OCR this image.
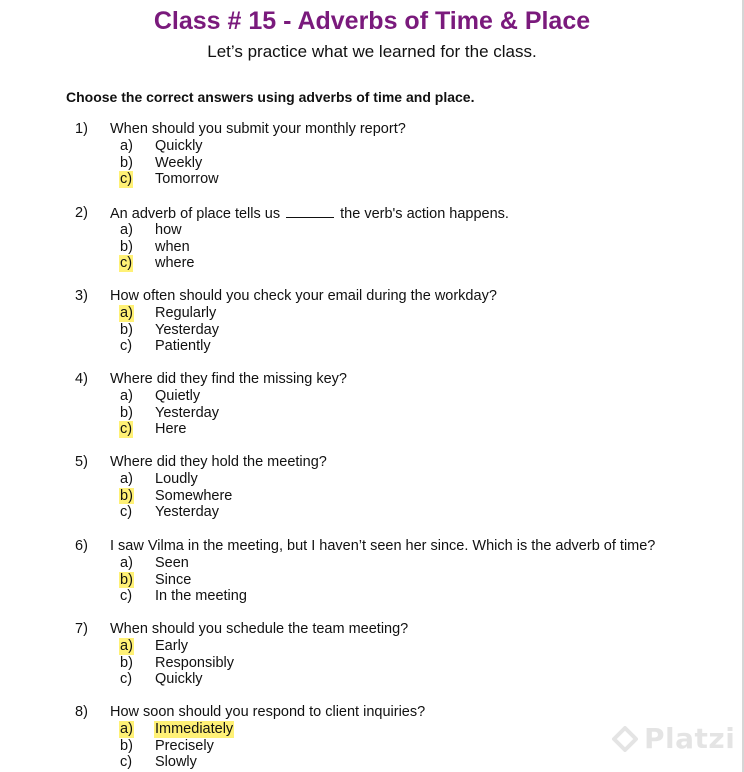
Class # 15 - Adverbs of Time & Place
Let’s practice what we learned for the class.
Choose the correct answers using adverbs of time and place.
1) When should you submit your monthly report?
a) Quickly
b) Weekly
c) Tomorrow
2) An adverb of place tells us	the verb's action happens.
a) how
b) when
c) where
3) How often should you check your email during the workday?
a) Regularly
b) Yesterday
c) Patiently
4) Where did they find the missing key?
a) Quietly
b) Yesterday
c) Here
5) Where did they hold the meeting?
a) Loudly
b) Somewhere
c) Yesterday
6) I saw Vilma in the meeting, but I haven’t seen her since. Which is the adverb of time?
a) Seen
b) Since
c) In the meeting
7) When should you schedule the team meeting?
a) Early
b) Responsibly
c) Quickly
8) How soon should you respond to client inquiries?
a) Immediately
b) Precisely
c) Slowly
Platzi
